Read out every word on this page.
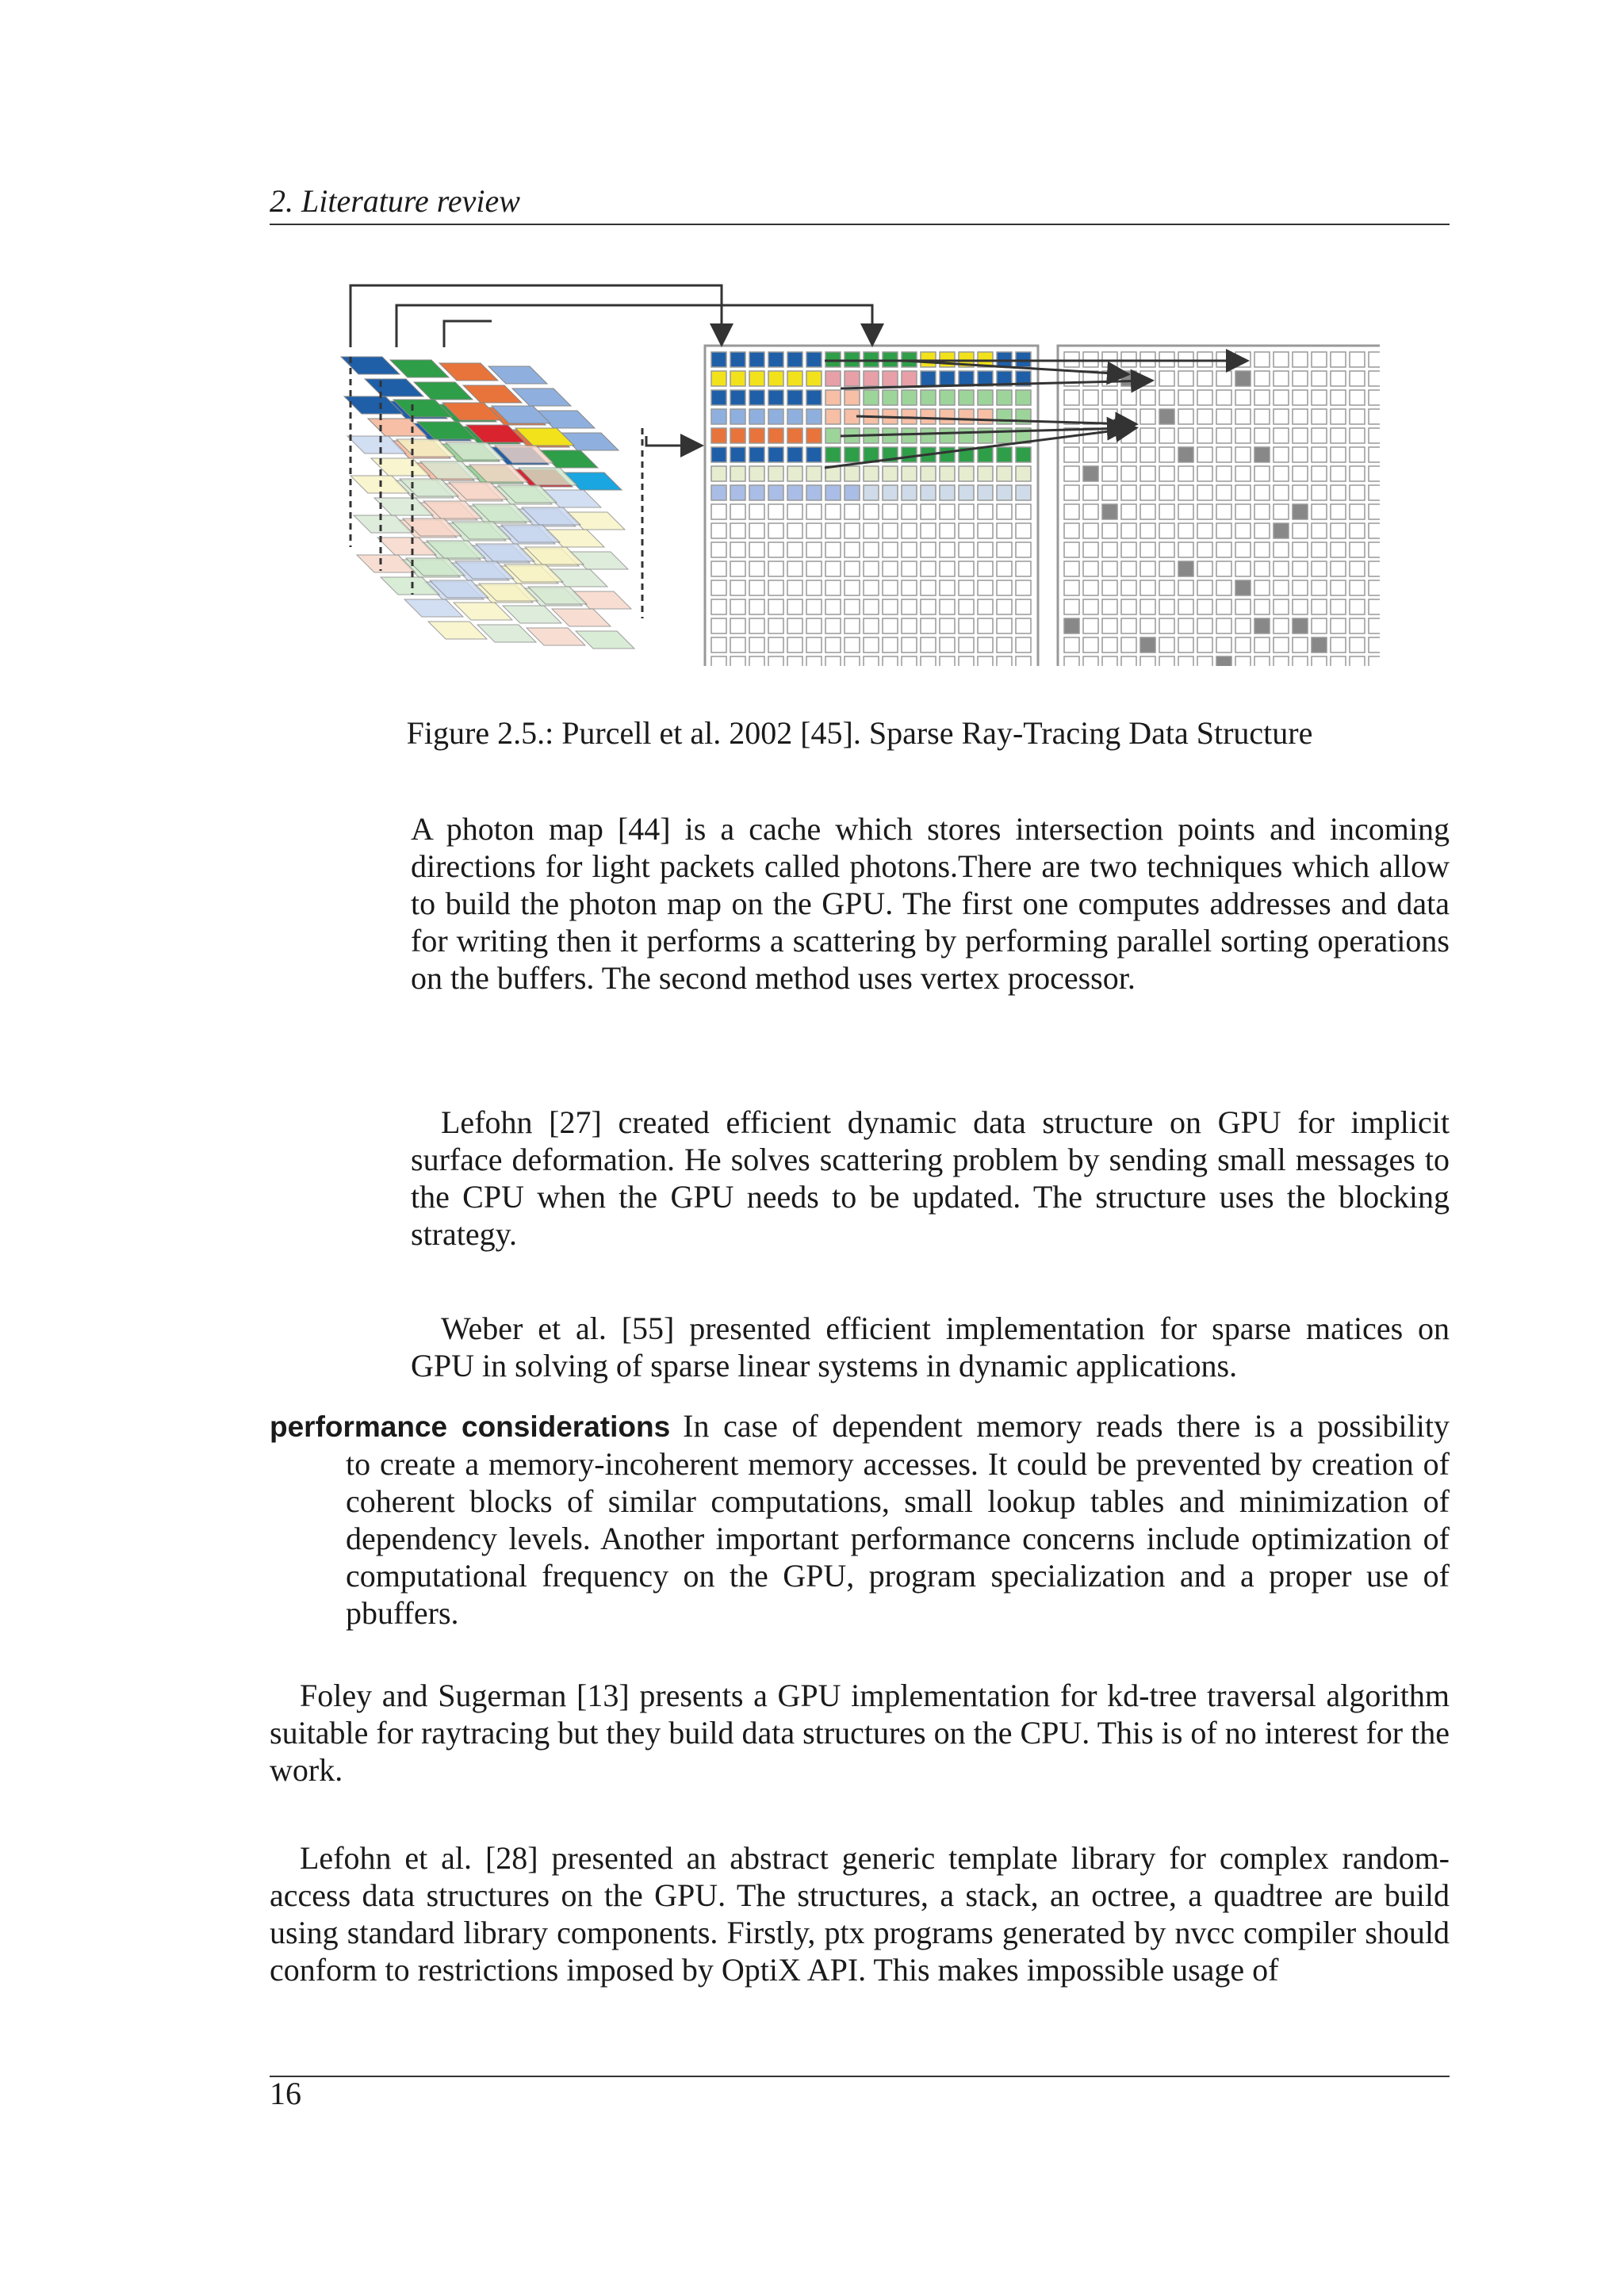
2. Literature review
Figure 2.5.: Purcell et al. 2002 [45]. Sparse Ray-Tracing Data Structure

A photon map [44] is a cache which stores intersection points and incoming directions for light packets called photons.There are two techniques which allow to build the photon map on the GPU. The first one computes addresses and data for writing then it performs a scattering by performing parallel sorting operations on the buffers. The second method uses vertex processor.

Lefohn [27] created efficient dynamic data structure on GPU for implicit surface deformation. He solves scattering problem by sending small messages to the CPU when the GPU needs to be updated. The structure uses the blocking strategy.

Weber et al. [55] presented efficient implementation for sparse matices on GPU in solving of sparse linear systems in dynamic applications.

performance considerations In case of dependent memory reads there is a possibility
to create a memory-incoherent memory accesses. It could be prevented by creation of coherent blocks of similar computations, small lookup tables and minimization of dependency levels. Another important performance concerns include optimization of computational frequency on the GPU, program specialization and a proper use of pbuffers.

Foley and Sugerman [13] presents a GPU implementation for kd-tree traversal algorithm suitable for raytracing but they build data structures on the CPU. This is of no interest for the work.

Lefohn et al. [28] presented an abstract generic template library for complex random-access data structures on the GPU. The structures, a stack, an octree, a quadtree are build using standard library components. Firstly, ptx programs generated by nvcc compiler should conform to restrictions imposed by OptiX API. This makes impossible usage of

16
